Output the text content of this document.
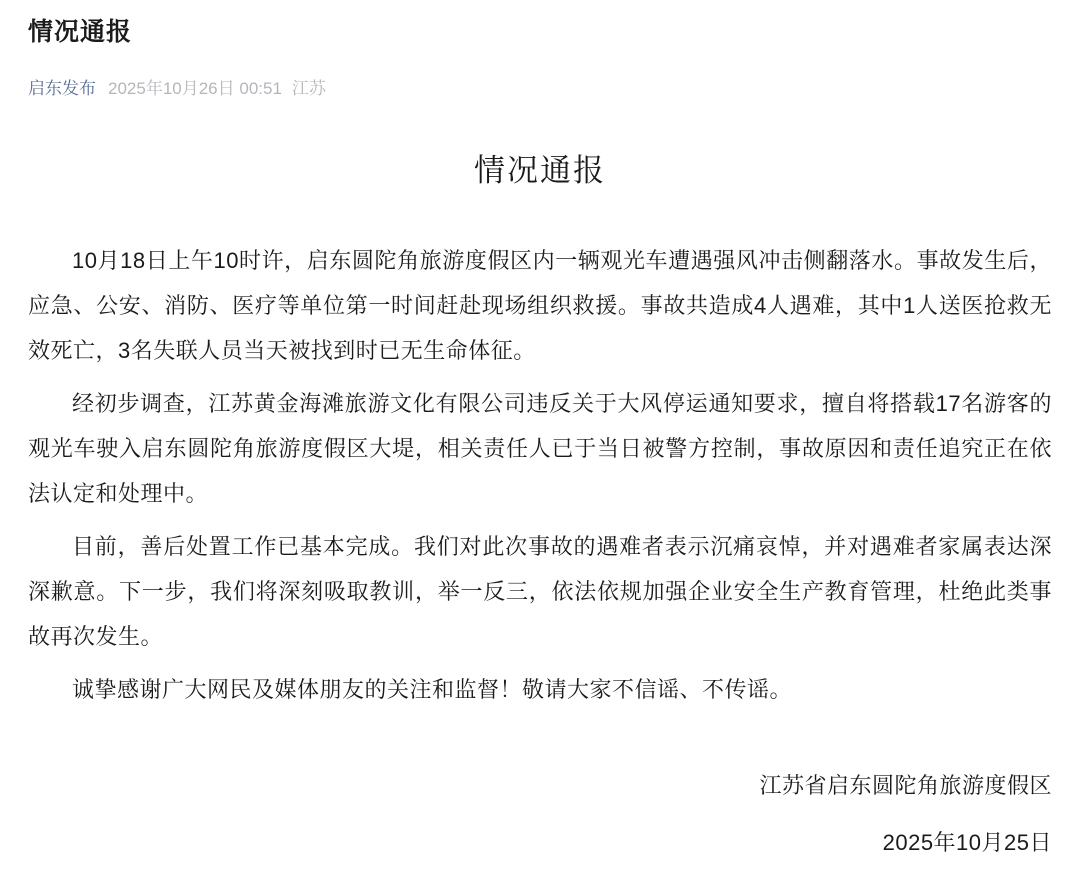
情况通报
启东发布 2025年10月26日 00:51 江苏
情况通报

10月18日上午10时许，启东圆陀角旅游度假区内一辆观光车遭遇强风冲击侧翻落水。事故发生后，应急、公安、消防、医疗等单位第一时间赶赴现场组织救援。事故共造成4人遇难，其中1人送医抢救无效死亡，3名失联人员当天被找到时已无生命体征。

经初步调查，江苏黄金海滩旅游文化有限公司违反关于大风停运通知要求，擅自将搭载17名游客的观光车驶入启东圆陀角旅游度假区大堤，相关责任人已于当日被警方控制，事故原因和责任追究正在依法认定和处理中。

目前，善后处置工作已基本完成。我们对此次事故的遇难者表示沉痛哀悼，并对遇难者家属表达深深歉意。下一步，我们将深刻吸取教训，举一反三，依法依规加强企业安全生产教育管理，杜绝此类事故再次发生。

诚挚感谢广大网民及媒体朋友的关注和监督！敬请大家不信谣、不传谣。

江苏省启东圆陀角旅游度假区

2025年10月25日
